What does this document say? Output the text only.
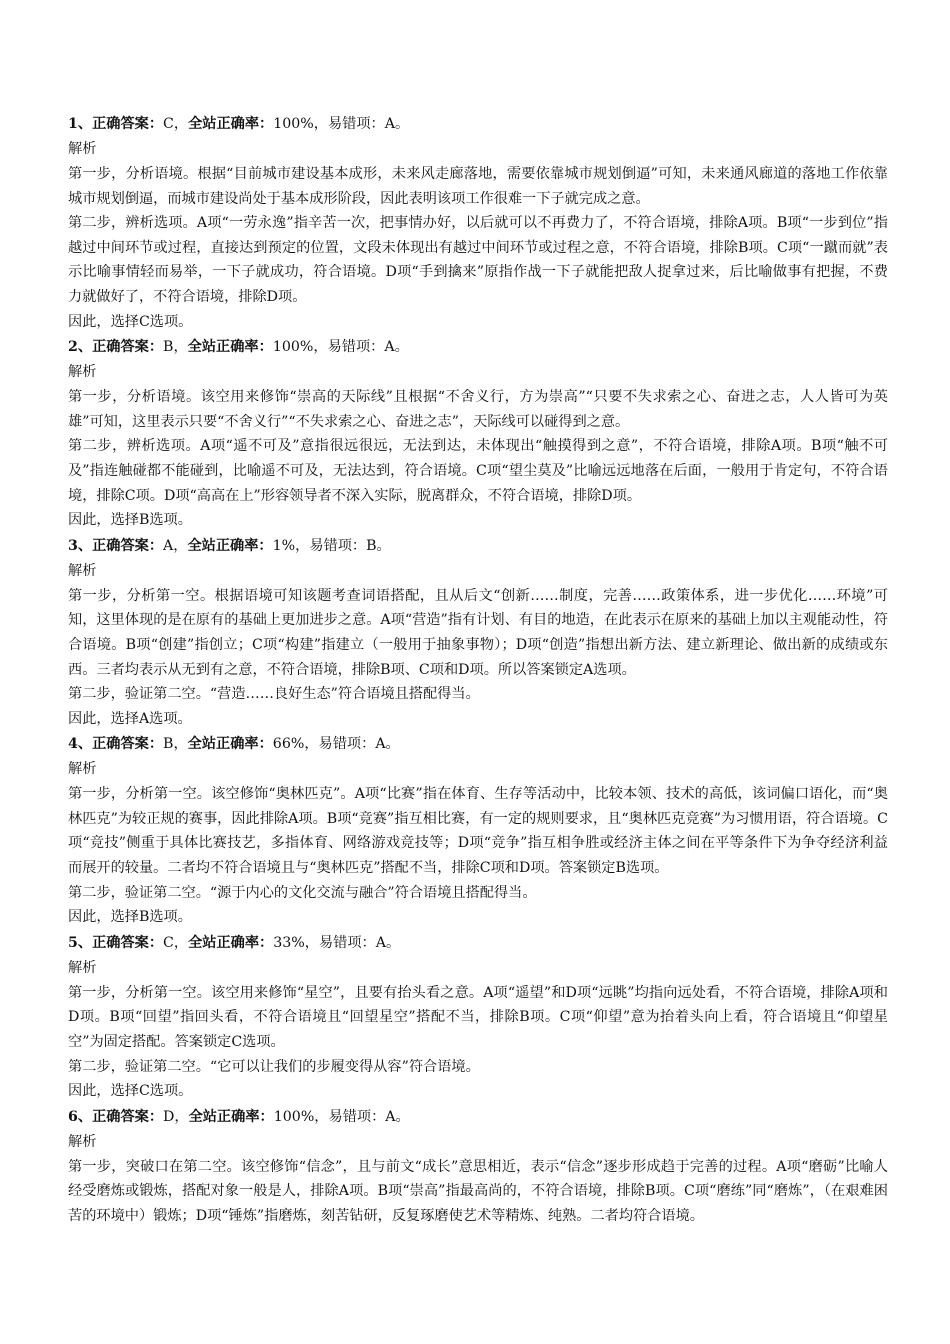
1、正确答案：C，全站正确率：100%，易错项：A。

解析

第一步，分析语境。根据“目前城市建设基本成形，未来风走廊落地，需要依靠城市规划倒逼”可知，未来通风廊道的落地工作依靠城市规划倒逼，而城市建设尚处于基本成形阶段，因此表明该项工作很难一下子就完成之意。

第二步，辨析选项。A项“一劳永逸”指辛苦一次，把事情办好，以后就可以不再费力了，不符合语境，排除A项。B项“一步到位”指越过中间环节或过程，直接达到预定的位置，文段未体现出有越过中间环节或过程之意，不符合语境，排除B项。C项“一蹴而就”表示比喻事情轻而易举，一下子就成功，符合语境。D项“手到擒来”原指作战一下子就能把敌人捉拿过来，后比喻做事有把握，不费力就做好了，不符合语境，排除D项。

因此，选择C选项。

2、正确答案：B，全站正确率：100%，易错项：A。

解析

第一步，分析语境。该空用来修饰“崇高的天际线”且根据“不舍义行，方为崇高”“只要不失求索之心、奋进之志，人人皆可为英雄”可知，这里表示只要“不舍义行”“不失求索之心、奋进之志”，天际线可以碰得到之意。

第二步，辨析选项。A项“遥不可及”意指很远很远，无法到达，未体现出“触摸得到之意”，不符合语境，排除A项。B项“触不可及”指连触碰都不能碰到，比喻遥不可及，无法达到，符合语境。C项“望尘莫及”比喻远远地落在后面，一般用于肯定句，不符合语境，排除C项。D项“高高在上”形容领导者不深入实际，脱离群众，不符合语境，排除D项。

因此，选择B选项。

3、正确答案：A，全站正确率：1%，易错项：B。

解析

第一步，分析第一空。根据语境可知该题考查词语搭配，且从后文“创新……制度，完善……政策体系，进一步优化……环境”可知，这里体现的是在原有的基础上更加进步之意。A项“营造”指有计划、有目的地造，在此表示在原来的基础上加以主观能动性，符合语境。B项“创建”指创立；C项“构建”指建立（一般用于抽象事物）；D项“创造”指想出新方法、建立新理论、做出新的成绩或东西。三者均表示从无到有之意，不符合语境，排除B项、C项和D项。所以答案锁定A选项。

第二步，验证第二空。“营造……良好生态”符合语境且搭配得当。

因此，选择A选项。

4、正确答案：B，全站正确率：66%，易错项：A。

解析

第一步，分析第一空。该空修饰“奥林匹克”。A项“比赛”指在体育、生存等活动中，比较本领、技术的高低，该词偏口语化，而“奥林匹克”为较正规的赛事，因此排除A项。B项“竞赛”指互相比赛，有一定的规则要求，且“奥林匹克竞赛”为习惯用语，符合语境。C项“竞技”侧重于具体比赛技艺，多指体育、网络游戏竞技等；D项“竞争”指互相争胜或经济主体之间在平等条件下为争夺经济利益而展开的较量。二者均不符合语境且与“奥林匹克”搭配不当，排除C项和D项。答案锁定B选项。

第二步，验证第二空。“源于内心的文化交流与融合”符合语境且搭配得当。

因此，选择B选项。

5、正确答案：C，全站正确率：33%，易错项：A。

解析

第一步，分析第一空。该空用来修饰“星空”，且要有抬头看之意。A项“遥望”和D项“远眺”均指向远处看，不符合语境，排除A项和D项。B项“回望”指回头看，不符合语境且“回望星空”搭配不当，排除B项。C项“仰望”意为抬着头向上看，符合语境且“仰望星空”为固定搭配。答案锁定C选项。

第二步，验证第二空。“它可以让我们的步履变得从容”符合语境。

因此，选择C选项。

6、正确答案：D，全站正确率：100%，易错项：A。

解析

第一步，突破口在第二空。该空修饰“信念”，且与前文“成长”意思相近，表示“信念”逐步形成趋于完善的过程。A项“磨砺”比喻人经受磨炼或锻炼，搭配对象一般是人，排除A项。B项“崇高”指最高尚的，不符合语境，排除B项。C项“磨练”同“磨炼”，（在艰难困苦的环境中）锻炼；D项“锤炼”指磨炼，刻苦钻研，反复琢磨使艺术等精炼、纯熟。二者均符合语境。
